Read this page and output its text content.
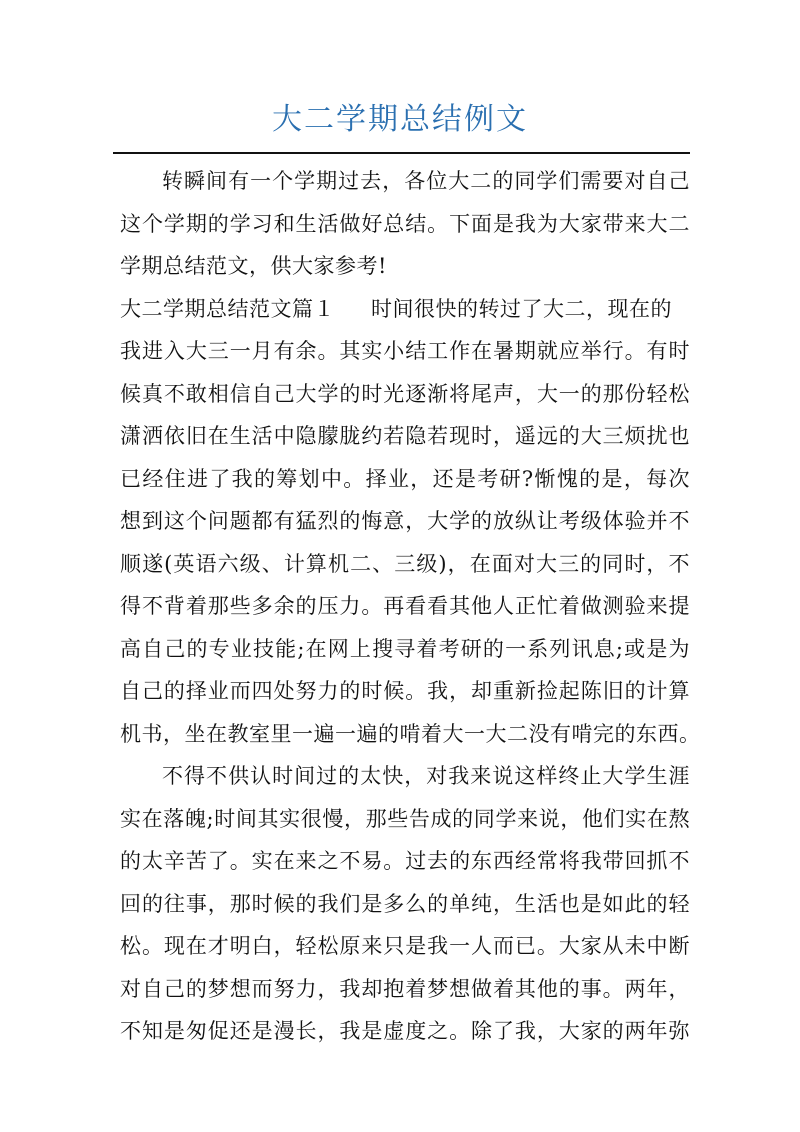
大二学期总结例文
转瞬间有一个学期过去，各位大二的同学们需要对自己
这个学期的学习和生活做好总结。下面是我为大家带来大二
学期总结范文，供大家参考!
大二学期总结范文篇１ 时间很快的转过了大二，现在的
我进入大三一月有余。其实小结工作在暑期就应举行。有时
候真不敢相信自己大学的时光逐渐将尾声，大一的那份轻松
潇洒依旧在生活中隐朦胧约若隐若现时，遥远的大三烦扰也
已经住进了我的筹划中。择业，还是考研?惭愧的是，每次
想到这个问题都有猛烈的悔意，大学的放纵让考级体验并不
顺遂(英语六级、计算机二、三级)，在面对大三的同时，不
得不背着那些多余的压力。再看看其他人正忙着做测验来提
高自己的专业技能;在网上搜寻着考研的一系列讯息;或是为
自己的择业而四处努力的时候。我，却重新捡起陈旧的计算
机书，坐在教室里一遍一遍的啃着大一大二没有啃完的东西。
不得不供认时间过的太快，对我来说这样终止大学生涯
实在落魄;时间其实很慢，那些告成的同学来说，他们实在熬
的太辛苦了。实在来之不易。过去的东西经常将我带回抓不
回的往事，那时候的我们是多么的单纯，生活也是如此的轻
松。现在才明白，轻松原来只是我一人而已。大家从未中断
对自己的梦想而努力，我却抱着梦想做着其他的事。两年，
不知是匆促还是漫长，我是虚度之。除了我，大家的两年弥
